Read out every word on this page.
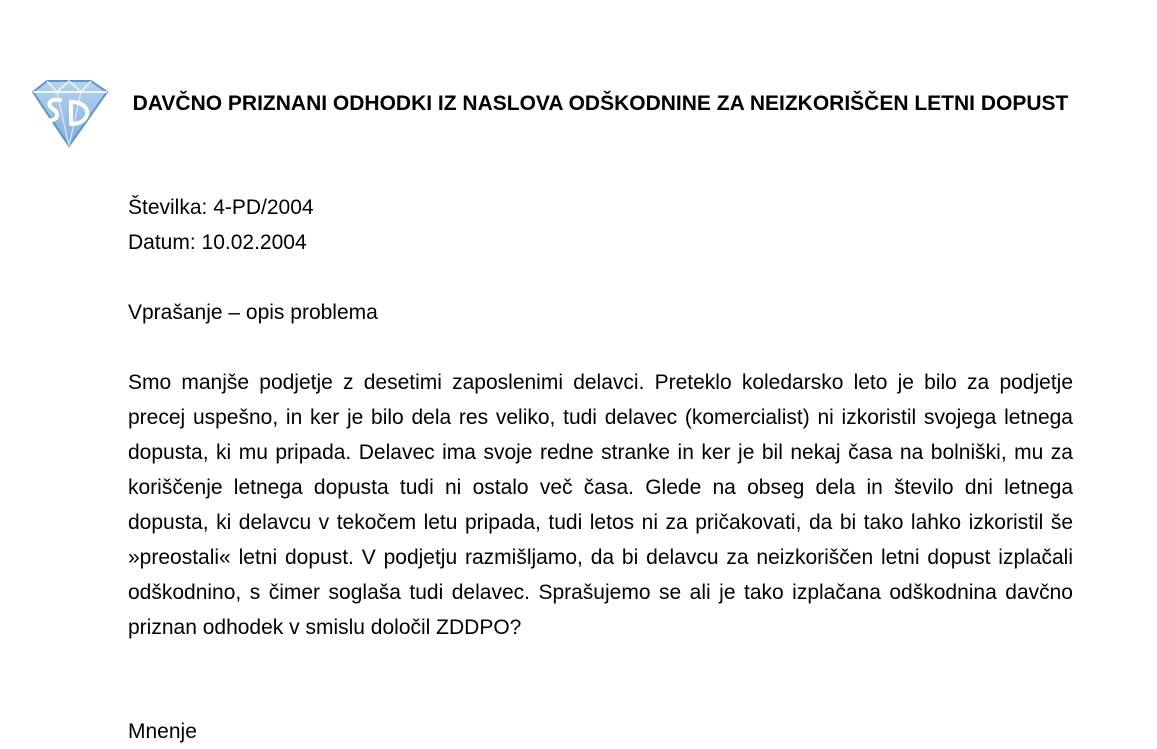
DAVČNO PRIZNANI ODHODKI IZ NASLOVA ODŠKODNINE ZA NEIZKORIŠČEN LETNI DOPUST
Številka: 4-PD/2004
Datum: 10.02.2004
Vprašanje – opis problema

Smo manjše podjetje z desetimi zaposlenimi delavci. Preteklo koledarsko leto je bilo za podjetje precej uspešno, in ker je bilo dela res veliko, tudi delavec (komercialist) ni izkoristil svojega letnega dopusta, ki mu pripada. Delavec ima svoje redne stranke in ker je bil nekaj časa na bolniški, mu za koriščenje letnega dopusta tudi ni ostalo več časa. Glede na obseg dela in število dni letnega dopusta, ki delavcu v tekočem letu pripada, tudi letos ni za pričakovati, da bi tako lahko izkoristil še »preostali« letni dopust. V podjetju razmišljamo, da bi delavcu za neizkoriščen letni dopust izplačali odškodnino, s čimer soglaša tudi delavec. Sprašujemo se ali je tako izplačana odškodnina davčno priznan odhodek v smislu določil ZDDPO?

Mnenje
